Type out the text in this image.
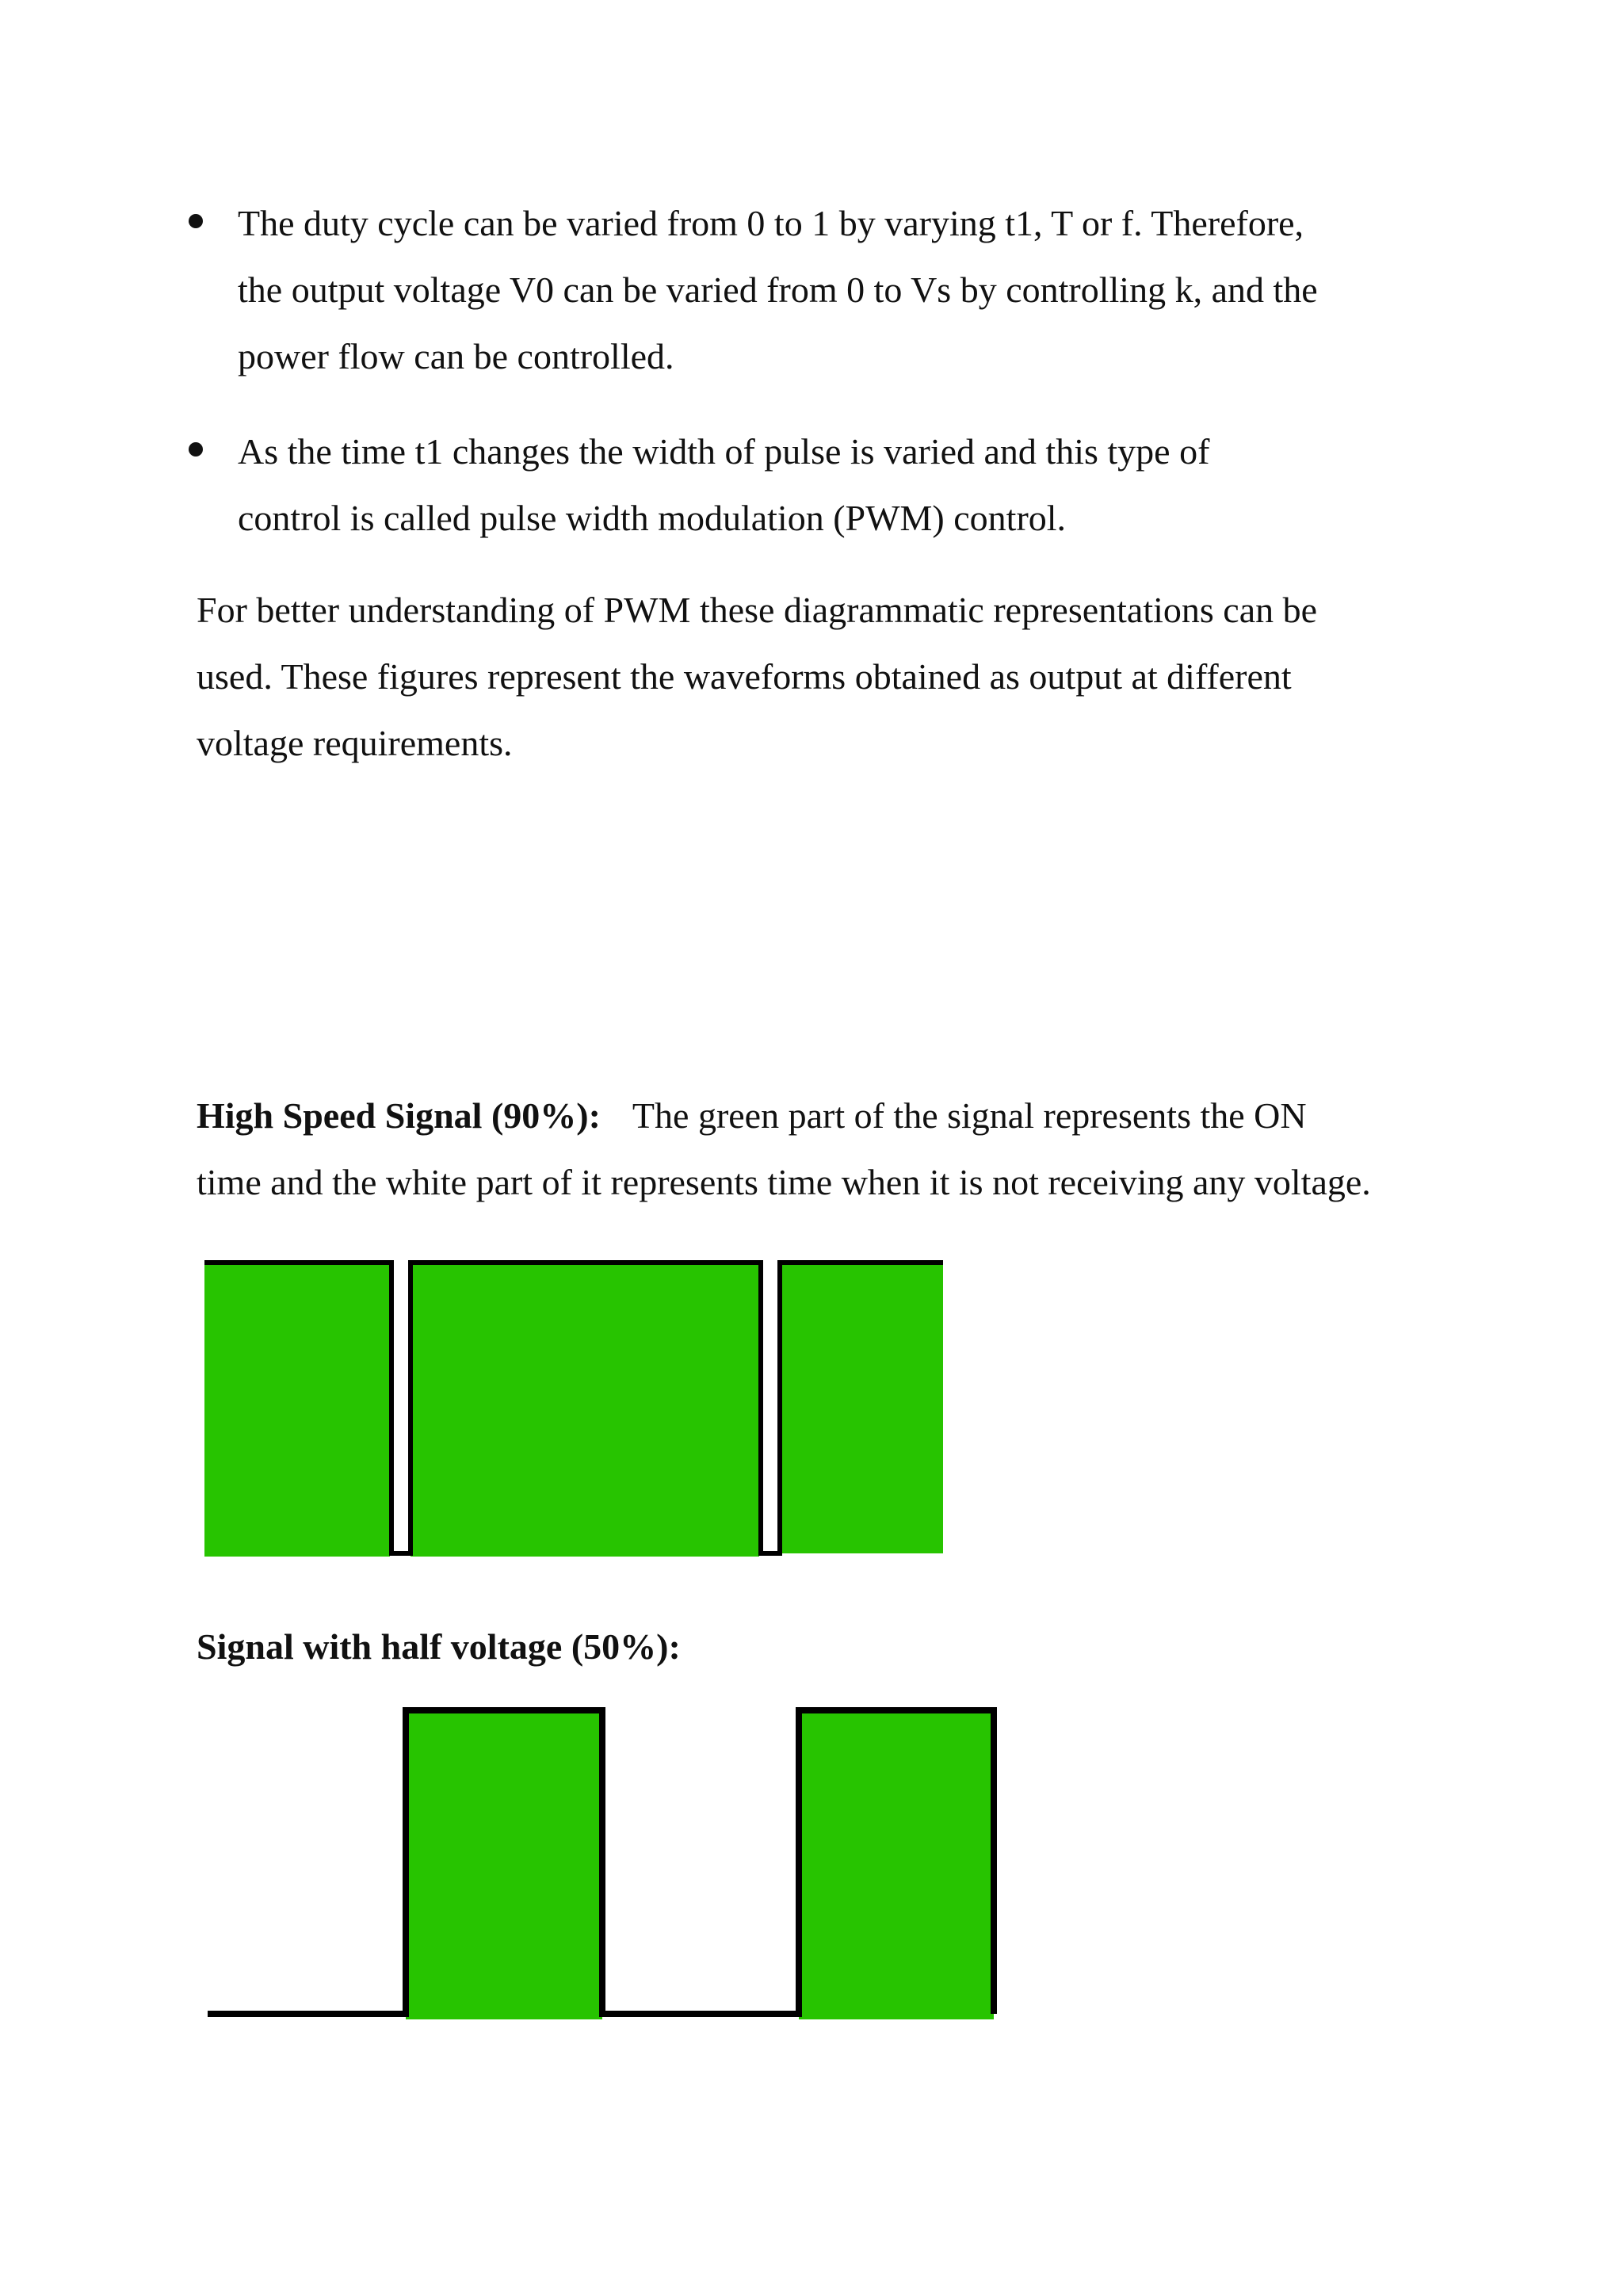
The duty cycle can be varied from 0 to 1 by varying t1, T or f. Therefore,
the output voltage V0 can be varied from 0 to Vs by controlling k, and the
power flow can be controlled.
As the time t1 changes the width of pulse is varied and this type of
control is called pulse width modulation (PWM) control.
For better understanding of PWM these diagrammatic representations can be
used. These figures represent the waveforms obtained as output at different
voltage requirements.
High Speed Signal (90%): The green part of the signal represents the ON
time and the white part of it represents time when it is not receiving any voltage.
Signal with half voltage (50%):
